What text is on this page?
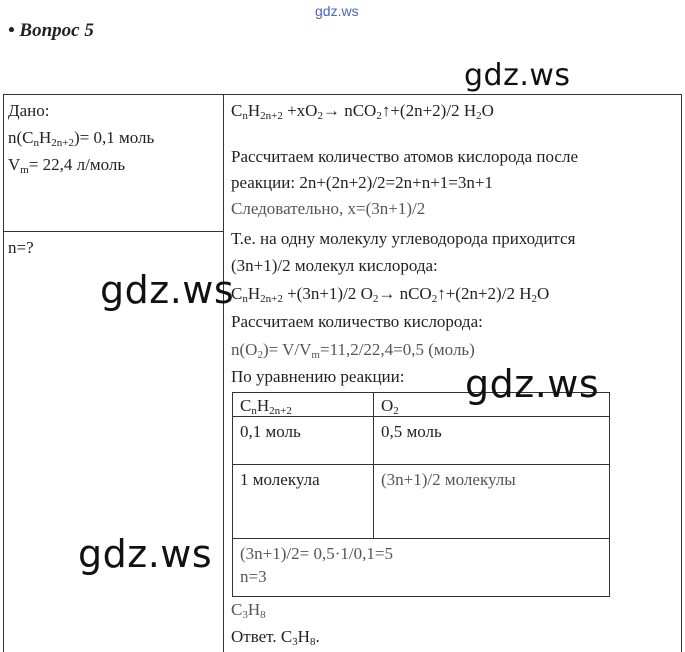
gdz.ws
• Вопрос 5
gdz.ws
Дано:
$n(C_nH_{2n+2})= 0,1$ моль
$V_m= 22,4$ л/моль
n=?
$C_nH_{2n+2} +xO_2\to$ nCO$_2$↑+(2n+2)/2 $H_2O$
Рассчитаем количество атомов кислорода после
реакции: 2n+(2n+2)/2=2n+n+1=3n+1
Следовательно, x=(3n+1)/2
Т.е. на одну молекулу углеводорода приходится
(3n+1)/2 молекул кислорода:
$C_nH_{2n+2} +(3n+1)/2$ $O_2\to$ nCO$_2$↑+(2n+2)/2 $H_2O$
Рассчитаем количество кислорода:
$n(O_2)= V/V_m=11,2/22,4=0,5$ (моль)
По уравнению реакции:
$C_nH_{2n+2}$	$O_2$
0,1 моль	0,5 моль
1 молекула	(3n+1)/2 молекулы
(3n+1)/2= 0,5·1/0,1=5
n=3
$C_3H_8$
Ответ. $C_3H_8$.
gdz.ws
gdz.ws
gdz.ws
